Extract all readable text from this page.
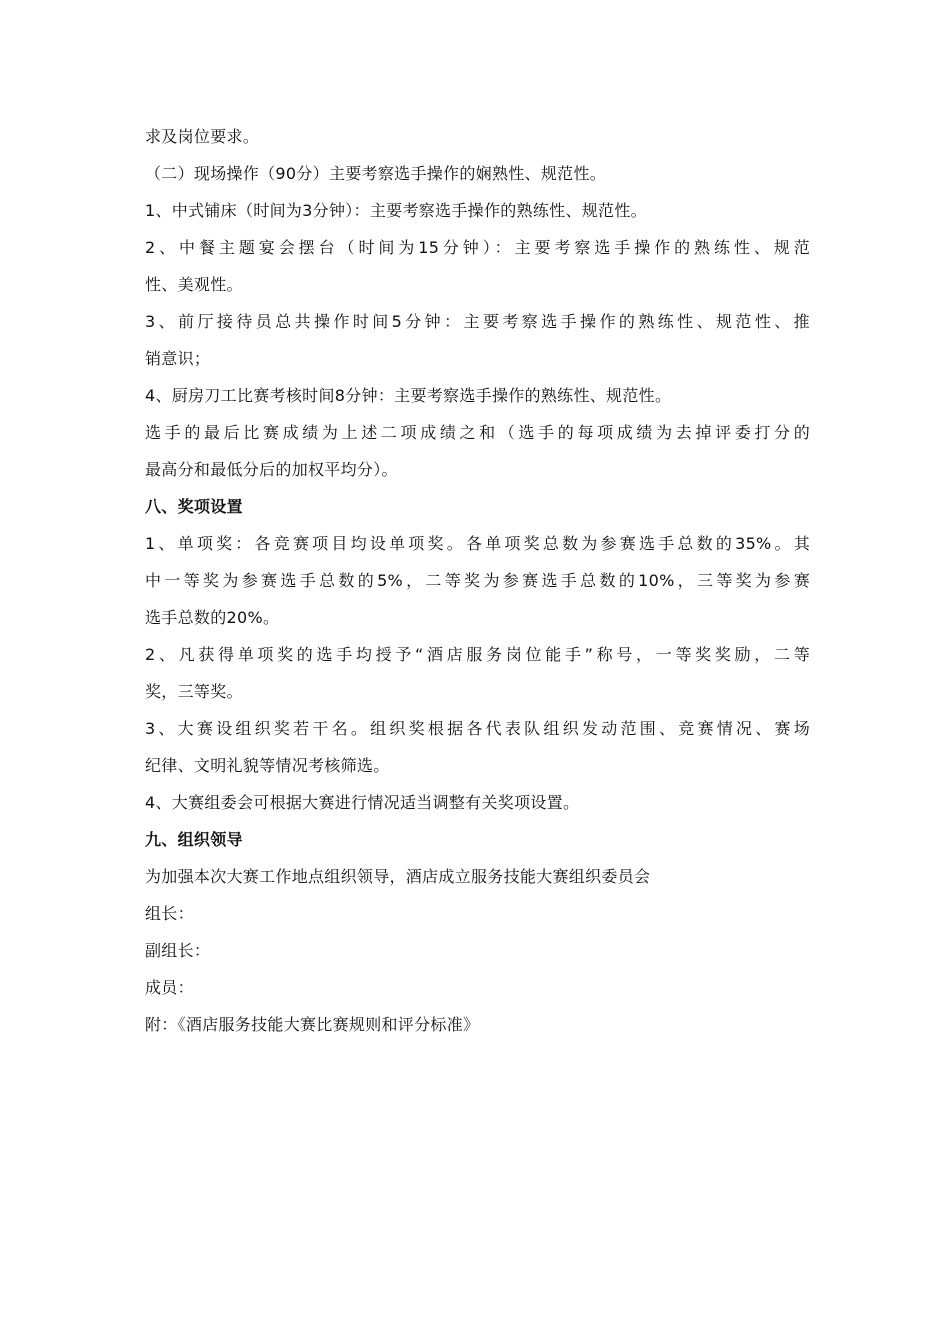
求及岗位要求。
（二）现场操作（90分）主要考察选手操作的娴熟性、规范性。
1、中式铺床（时间为3分钟）：主要考察选手操作的熟练性、规范性。
2、中餐主题宴会摆台（时间为15分钟）：主要考察选手操作的熟练性、规范
性、美观性。
3、前厅接待员总共操作时间5分钟：主要考察选手操作的熟练性、规范性、推
销意识；
4、厨房刀工比赛考核时间8分钟：主要考察选手操作的熟练性、规范性。
选手的最后比赛成绩为上述二项成绩之和（选手的每项成绩为去掉评委打分的
最高分和最低分后的加权平均分）。
八、奖项设置
1、单项奖：各竞赛项目均设单项奖。各单项奖总数为参赛选手总数的35%。其
中一等奖为参赛选手总数的5%，二等奖为参赛选手总数的10%，三等奖为参赛
选手总数的20%。
2、凡获得单项奖的选手均授予“酒店服务岗位能手”称号，一等奖奖励，二等
奖，三等奖。
3、大赛设组织奖若干名。组织奖根据各代表队组织发动范围、竞赛情况、赛场
纪律、文明礼貌等情况考核筛选。
4、大赛组委会可根据大赛进行情况适当调整有关奖项设置。
九、组织领导
为加强本次大赛工作地点组织领导，酒店成立服务技能大赛组织委员会
组长：
副组长：
成员：
附：《酒店服务技能大赛比赛规则和评分标准》
